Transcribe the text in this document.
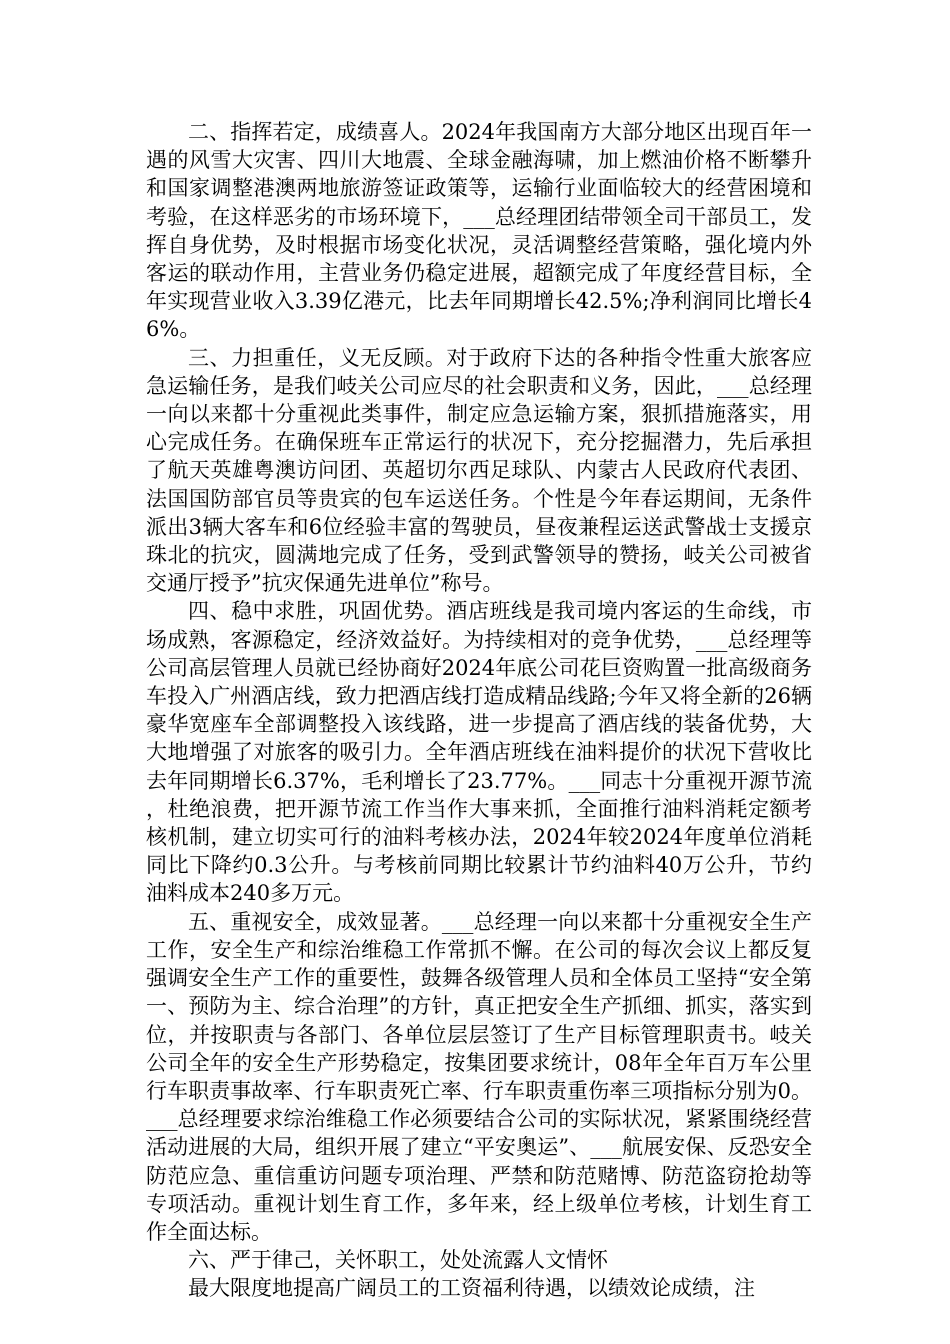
二、指挥若定，成绩喜人。2024年我国南方大部分地区出现百年一遇的风雪大灾害、四川大地震、全球金融海啸，加上燃油价格不断攀升和国家调整港澳两地旅游签证政策等，运输行业面临较大的经营困境和考验，在这样恶劣的市场环境下，___总经理团结带领全司干部员工，发挥自身优势，及时根据市场变化状况，灵活调整经营策略，强化境内外客运的联动作用，主营业务仍稳定进展，超额完成了年度经营目标，全年实现营业收入3.39亿港元，比去年同期增长42.5%;净利润同比增长46%。

三、力担重任，义无反顾。对于政府下达的各种指令性重大旅客应急运输任务，是我们岐关公司应尽的社会职责和义务，因此，___总经理一向以来都十分重视此类事件，制定应急运输方案，狠抓措施落实，用心完成任务。在确保班车正常运行的状况下，充分挖掘潜力，先后承担了航天英雄粤澳访问团、英超切尔西足球队、内蒙古人民政府代表团、法国国防部官员等贵宾的包车运送任务。个性是今年春运期间，无条件派出3辆大客车和6位经验丰富的驾驶员，昼夜兼程运送武警战士支援京珠北的抗灾，圆满地完成了任务，受到武警领导的赞扬，岐关公司被省交通厅授予”抗灾保通先进单位”称号。

四、稳中求胜，巩固优势。酒店班线是我司境内客运的生命线，市场成熟，客源稳定，经济效益好。为持续相对的竞争优势，___总经理等公司高层管理人员就已经协商好2024年底公司花巨资购置一批高级商务车投入广州酒店线，致力把酒店线打造成精品线路;今年又将全新的26辆豪华宽座车全部调整投入该线路，进一步提高了酒店线的装备优势，大大地增强了对旅客的吸引力。全年酒店班线在油料提价的状况下营收比去年同期增长6.37%，毛利增长了23.77%。___同志十分重视开源节流，杜绝浪费，把开源节流工作当作大事来抓，全面推行油料消耗定额考核机制，建立切实可行的油料考核办法，2024年较2024年度单位消耗同比下降约0.3公升。与考核前同期比较累计节约油料40万公升，节约油料成本240多万元。

五、重视安全，成效显著。___总经理一向以来都十分重视安全生产工作，安全生产和综治维稳工作常抓不懈。在公司的每次会议上都反复强调安全生产工作的重要性，鼓舞各级管理人员和全体员工坚持“安全第一、预防为主、综合治理”的方针，真正把安全生产抓细、抓实，落实到位，并按职责与各部门、各单位层层签订了生产目标管理职责书。岐关公司全年的安全生产形势稳定，按集团要求统计，08年全年百万车公里行车职责事故率、行车职责死亡率、行车职责重伤率三项指标分别为0。___总经理要求综治维稳工作必须要结合公司的实际状况，紧紧围绕经营活动进展的大局，组织开展了建立“平安奥运”、___航展安保、反恐安全防范应急、重信重访问题专项治理、严禁和防范赌博、防范盗窃抢劫等专项活动。重视计划生育工作，多年来，经上级单位考核，计划生育工作全面达标。

六、严于律己，关怀职工，处处流露人文情怀

最大限度地提高广阔员工的工资福利待遇，以绩效论成绩，注
